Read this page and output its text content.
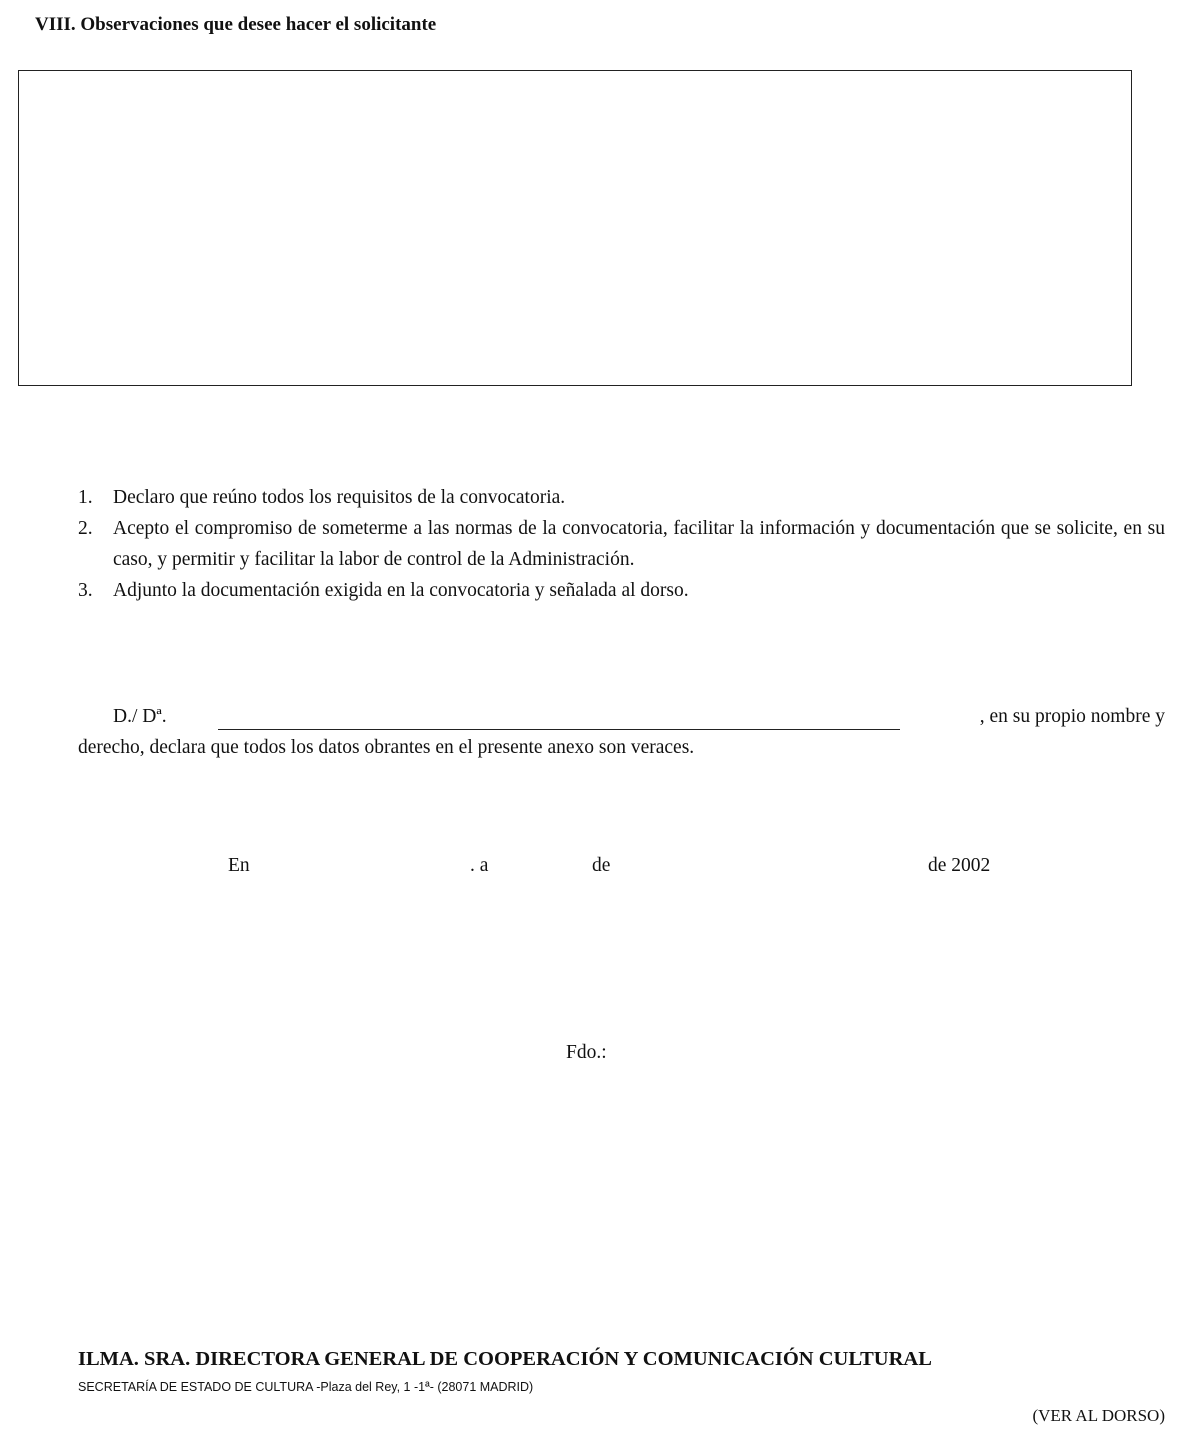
VIII. Observaciones que desee hacer el solicitante
1.	Declaro que reúno todos los requisitos de la convocatoria.
2.	Acepto el compromiso de someterme a las normas de la convocatoria, facilitar la información y documentación que se solicite, en su caso, y permitir y facilitar la labor de control de la Administración.
3.	Adjunto la documentación exigida en la convocatoria y señalada al dorso.
D./ Dª.	, en su propio nombre y
derecho, declara que todos los datos obrantes en el presente anexo son veraces.
En	. a	de	de 2002
Fdo.:
ILMA. SRA. DIRECTORA GENERAL DE COOPERACIÓN Y COMUNICACIÓN CULTURAL
SECRETARÍA DE ESTADO DE CULTURA -Plaza del Rey, 1 -1ª- (28071 MADRID)
(VER AL DORSO)
